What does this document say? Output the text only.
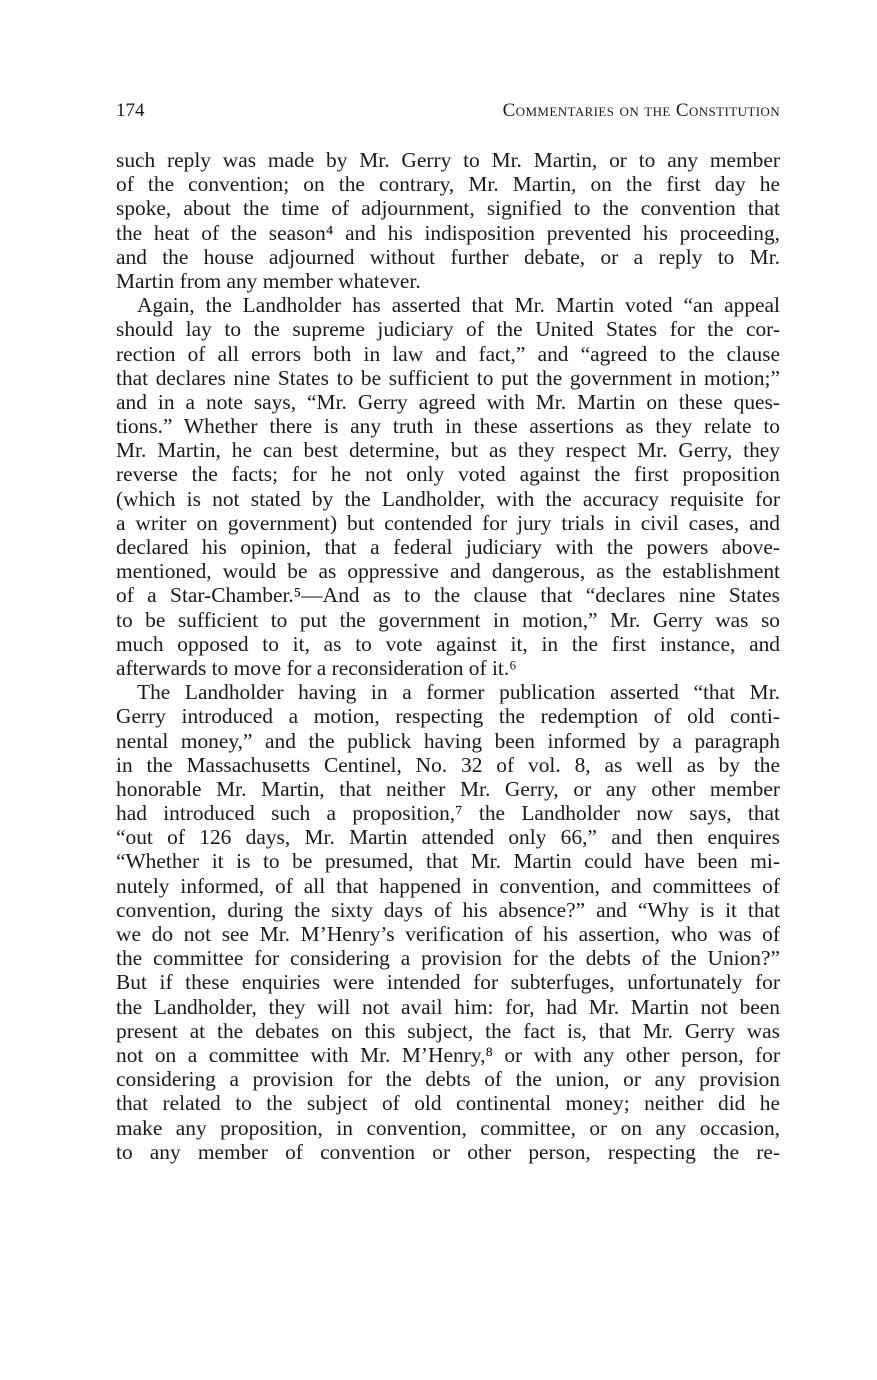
174	Commentaries on the Constitution
such reply was made by Mr. Gerry to Mr. Martin, or to any member
of the convention; on the contrary, Mr. Martin, on the first day he
spoke, about the time of adjournment, signified to the convention that
the heat of the season⁴ and his indisposition prevented his proceeding,
and the house adjourned without further debate, or a reply to Mr.
Martin from any member whatever.
Again, the Landholder has asserted that Mr. Martin voted “an appeal
should lay to the supreme judiciary of the United States for the cor-
rection of all errors both in law and fact,” and “agreed to the clause
that declares nine States to be sufficient to put the government in motion;”
and in a note says, “Mr. Gerry agreed with Mr. Martin on these ques-
tions.” Whether there is any truth in these assertions as they relate to
Mr. Martin, he can best determine, but as they respect Mr. Gerry, they
reverse the facts; for he not only voted against the first proposition
(which is not stated by the Landholder, with the accuracy requisite for
a writer on government) but contended for jury trials in civil cases, and
declared his opinion, that a federal judiciary with the powers above-
mentioned, would be as oppressive and dangerous, as the establishment
of a Star-Chamber.⁵—And as to the clause that “declares nine States
to be sufficient to put the government in motion,” Mr. Gerry was so
much opposed to it, as to vote against it, in the first instance, and
afterwards to move for a reconsideration of it.⁶
The Landholder having in a former publication asserted “that Mr.
Gerry introduced a motion, respecting the redemption of old conti-
nental money,” and the publick having been informed by a paragraph
in the Massachusetts Centinel, No. 32 of vol. 8, as well as by the
honorable Mr. Martin, that neither Mr. Gerry, or any other member
had introduced such a proposition,⁷ the Landholder now says, that
“out of 126 days, Mr. Martin attended only 66,” and then enquires
“Whether it is to be presumed, that Mr. Martin could have been mi-
nutely informed, of all that happened in convention, and committees of
convention, during the sixty days of his absence?” and “Why is it that
we do not see Mr. M’Henry’s verification of his assertion, who was of
the committee for considering a provision for the debts of the Union?”
But if these enquiries were intended for subterfuges, unfortunately for
the Landholder, they will not avail him: for, had Mr. Martin not been
present at the debates on this subject, the fact is, that Mr. Gerry was
not on a committee with Mr. M’Henry,⁸ or with any other person, for
considering a provision for the debts of the union, or any provision
that related to the subject of old continental money; neither did he
make any proposition, in convention, committee, or on any occasion,
to any member of convention or other person, respecting the re-
